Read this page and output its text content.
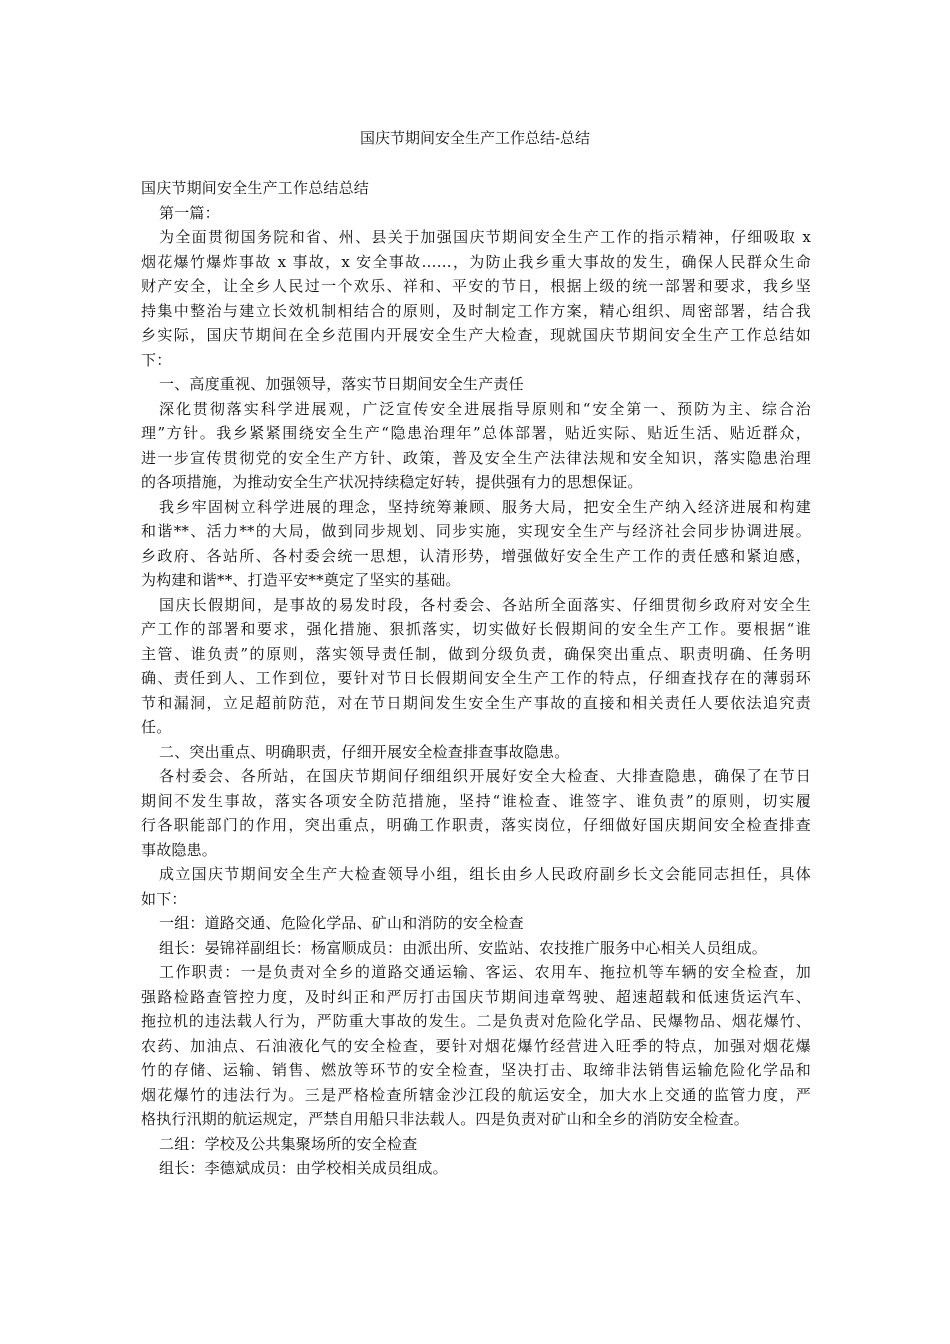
国庆节期间安全生产工作总结-总结
国庆节期间安全生产工作总结总结
第一篇：
为全面贯彻国务院和省、州、县关于加强国庆节期间安全生产工作的指示精神，仔细吸取 x
烟花爆竹爆炸事故 x 事故，x 安全事故……，为防止我乡重大事故的发生，确保人民群众生命
财产安全，让全乡人民过一个欢乐、祥和、平安的节日，根据上级的统一部署和要求，我乡坚
持集中整治与建立长效机制相结合的原则，及时制定工作方案，精心组织、周密部署，结合我
乡实际，国庆节期间在全乡范围内开展安全生产大检查，现就国庆节期间安全生产工作总结如
下：
一、高度重视、加强领导，落实节日期间安全生产责任
深化贯彻落实科学进展观，广泛宣传安全进展指导原则和“安全第一、预防为主、综合治
理”方针。我乡紧紧围绕安全生产“隐患治理年”总体部署，贴近实际、贴近生活、贴近群众，
进一步宣传贯彻党的安全生产方针、政策，普及安全生产法律法规和安全知识，落实隐患治理
的各项措施，为推动安全生产状况持续稳定好转，提供强有力的思想保证。
我乡牢固树立科学进展的理念，坚持统筹兼顾、服务大局，把安全生产纳入经济进展和构建
和谐**、活力**的大局，做到同步规划、同步实施，实现安全生产与经济社会同步协调进展。
乡政府、各站所、各村委会统一思想，认清形势，增强做好安全生产工作的责任感和紧迫感，
为构建和谐**、打造平安**奠定了坚实的基础。
国庆长假期间，是事故的易发时段，各村委会、各站所全面落实、仔细贯彻乡政府对安全生
产工作的部署和要求，强化措施、狠抓落实，切实做好长假期间的安全生产工作。要根据“谁
主管、谁负责”的原则，落实领导责任制，做到分级负责，确保突出重点、职责明确、任务明
确、责任到人、工作到位，要针对节日长假期间安全生产工作的特点，仔细查找存在的薄弱环
节和漏洞，立足超前防范，对在节日期间发生安全生产事故的直接和相关责任人要依法追究责
任。
二、突出重点、明确职责，仔细开展安全检查排查事故隐患。
各村委会、各所站，在国庆节期间仔细组织开展好安全大检查、大排查隐患，确保了在节日
期间不发生事故，落实各项安全防范措施，坚持“谁检查、谁签字、谁负责”的原则，切实履
行各职能部门的作用，突出重点，明确工作职责，落实岗位，仔细做好国庆期间安全检查排查
事故隐患。
成立国庆节期间安全生产大检查领导小组，组长由乡人民政府副乡长文会能同志担任，具体
如下：
一组：道路交通、危险化学品、矿山和消防的安全检查
组长：晏锦祥副组长：杨富顺成员：由派出所、安监站、农技推广服务中心相关人员组成。
工作职责：一是负责对全乡的道路交通运输、客运、农用车、拖拉机等车辆的安全检查，加
强路检路查管控力度，及时纠正和严厉打击国庆节期间违章驾驶、超速超载和低速货运汽车、
拖拉机的违法载人行为，严防重大事故的发生。二是负责对危险化学品、民爆物品、烟花爆竹、
农药、加油点、石油液化气的安全检查，要针对烟花爆竹经营进入旺季的特点，加强对烟花爆
竹的存储、运输、销售、燃放等环节的安全检查，坚决打击、取缔非法销售运输危险化学品和
烟花爆竹的违法行为。三是严格检查所辖金沙江段的航运安全，加大水上交通的监管力度，严
格执行汛期的航运规定，严禁自用船只非法载人。四是负责对矿山和全乡的消防安全检查。
二组：学校及公共集聚场所的安全检查
组长：李德斌成员：由学校相关成员组成。
